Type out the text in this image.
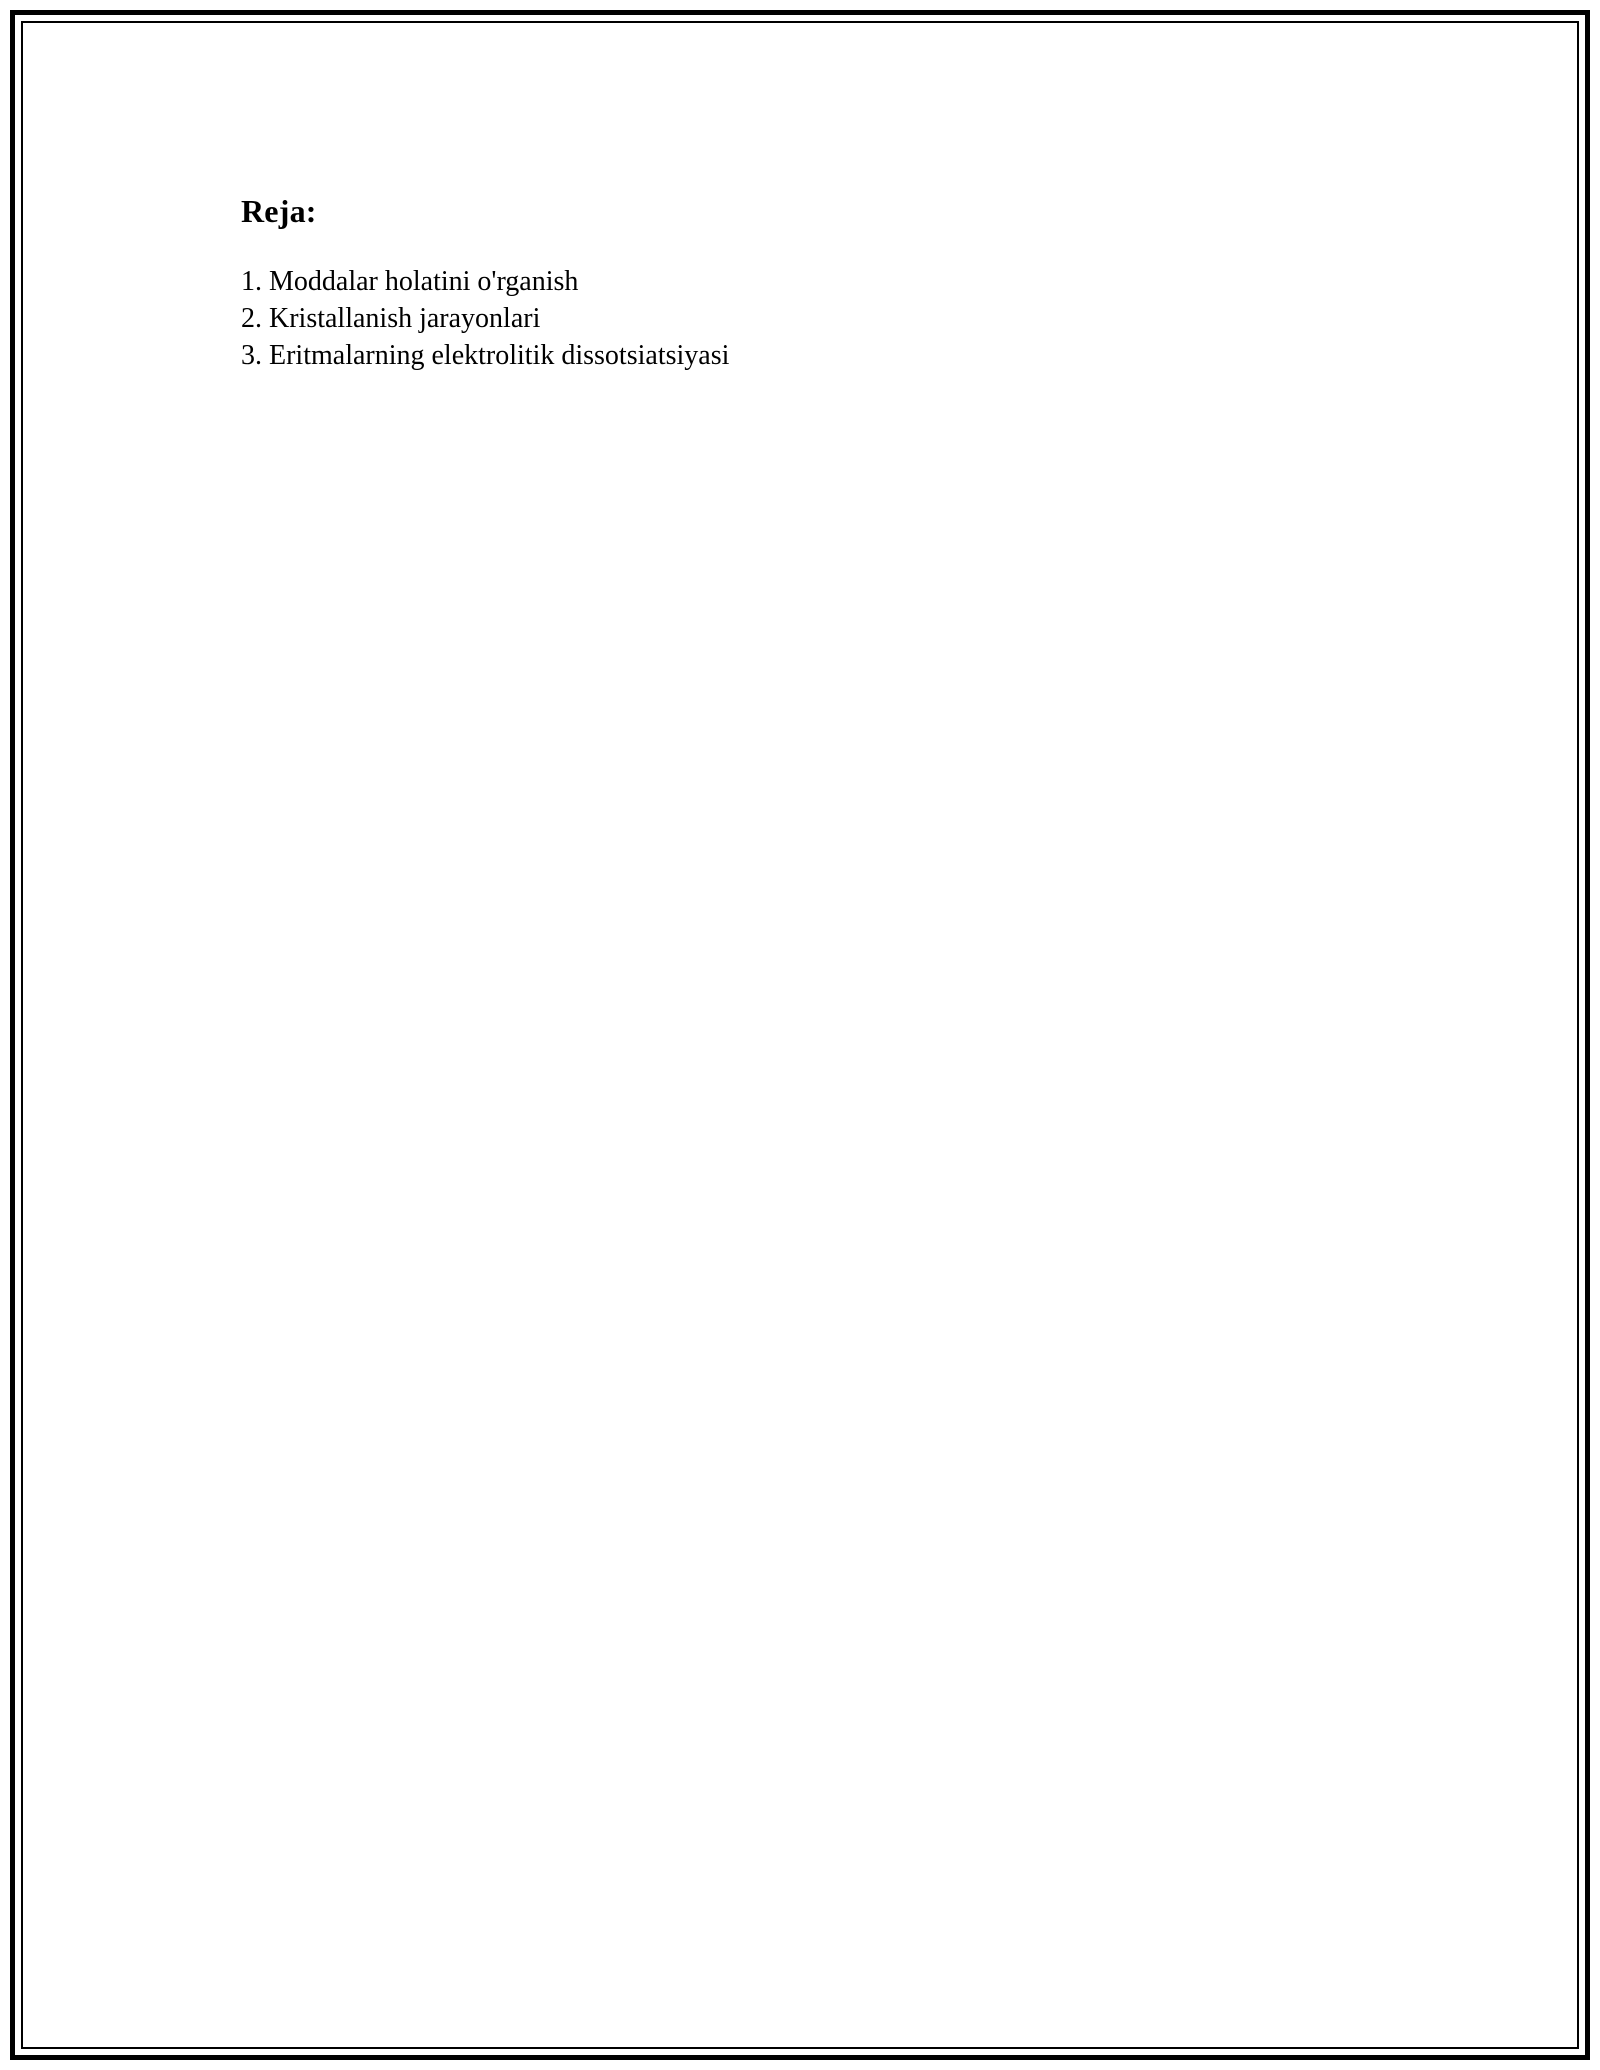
Reja:
1. Moddalar holatini o'rganish
2. Kristallanish jarayonlari
3. Eritmalarning elektrolitik dissotsiatsiyasi
